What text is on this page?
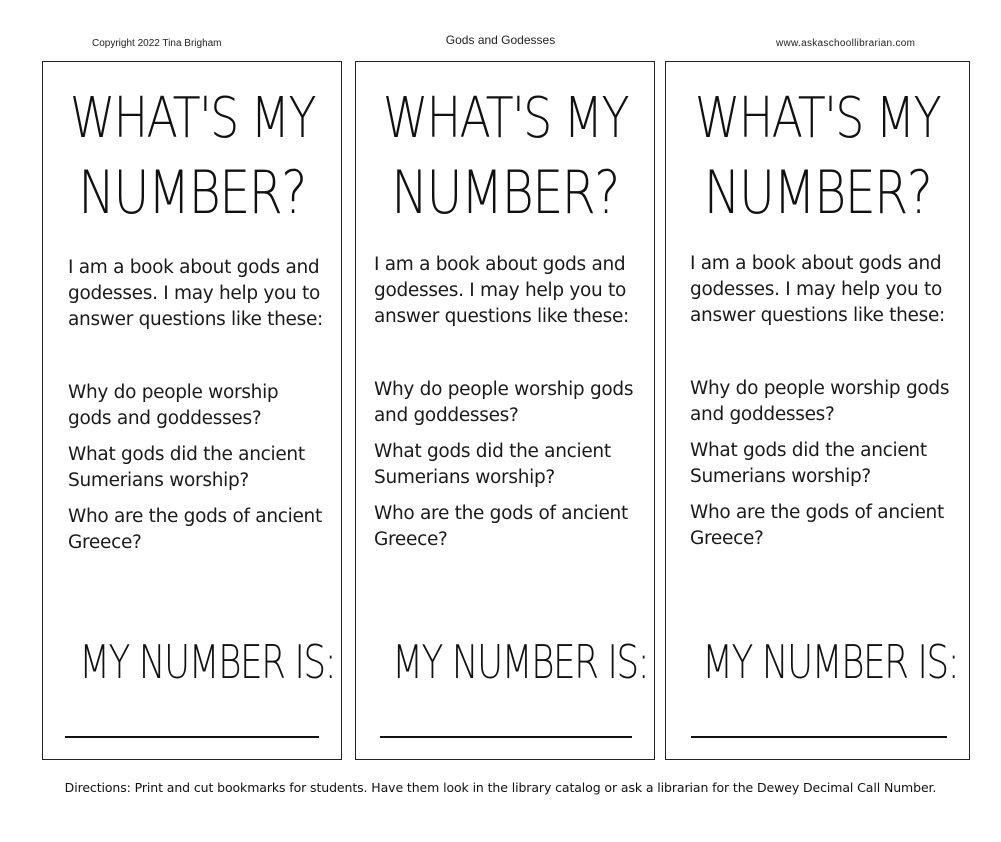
Copyright 2022 Tina Brigham	Gods and Godesses	www.askaschoollibrarian.com
WHAT'S MY
NUMBER?

I am a book about gods and godesses. I may help you to answer questions like these:

Why do people worship gods and goddesses?

What gods did the ancient Sumerians worship?

Who are the gods of ancient Greece?

MY NUMBER IS:
WHAT'S MY
NUMBER?

I am a book about gods and godesses. I may help you to answer questions like these:

Why do people worship gods and goddesses?

What gods did the ancient Sumerians worship?

Who are the gods of ancient Greece?

MY NUMBER IS:
WHAT'S MY
NUMBER?

I am a book about gods and godesses. I may help you to answer questions like these:

Why do people worship gods and goddesses?

What gods did the ancient Sumerians worship?

Who are the gods of ancient Greece?

MY NUMBER IS:
Directions: Print and cut bookmarks for students. Have them look in the library catalog or ask a librarian for the Dewey Decimal Call Number.
